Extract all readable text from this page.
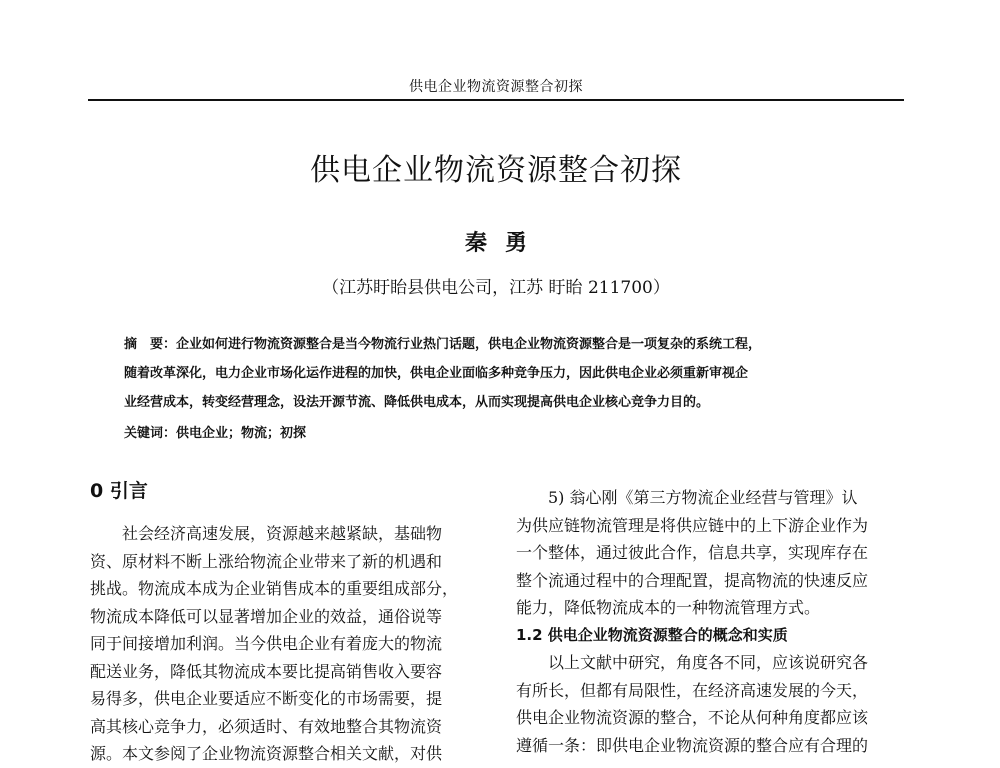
供电企业物流资源整合初探
供电企业物流资源整合初探
秦勇
（江苏盱眙县供电公司，江苏 盱眙 211700）
摘　要：企业如何进行物流资源整合是当今物流行业热门话题，供电企业物流资源整合是一项复杂的系统工程，
随着改革深化，电力企业市场化运作进程的加快，供电企业面临多种竞争压力，因此供电企业必须重新审视企
业经营成本，转变经营理念，设法开源节流、降低供电成本，从而实现提高供电企业核心竞争力目的。
关键词：供电企业；物流；初探
0 引言
　　社会经济高速发展，资源越来越紧缺，基础物
资、原材料不断上涨给物流企业带来了新的机遇和
挑战。物流成本成为企业销售成本的重要组成部分，
物流成本降低可以显著增加企业的效益，通俗说等
同于间接增加利润。当今供电企业有着庞大的物流
配送业务，降低其物流成本要比提高销售收入要容
易得多，供电企业要适应不断变化的市场需要，提
高其核心竞争力，必须适时、有效地整合其物流资
源。本文参阅了企业物流资源整合相关文献，对供
　　5) 翁心刚《第三方物流企业经营与管理》认
为供应链物流管理是将供应链中的上下游企业作为
一个整体，通过彼此合作，信息共享，实现库存在
整个流通过程中的合理配置，提高物流的快速反应
能力，降低物流成本的一种物流管理方式。
1.2 供电企业物流资源整合的概念和实质
　　以上文献中研究，角度各不同，应该说研究各
有所长，但都有局限性，在经济高速发展的今天，
供电企业物流资源的整合，不论从何种角度都应该
遵循一条：即供电企业物流资源的整合应有合理的
